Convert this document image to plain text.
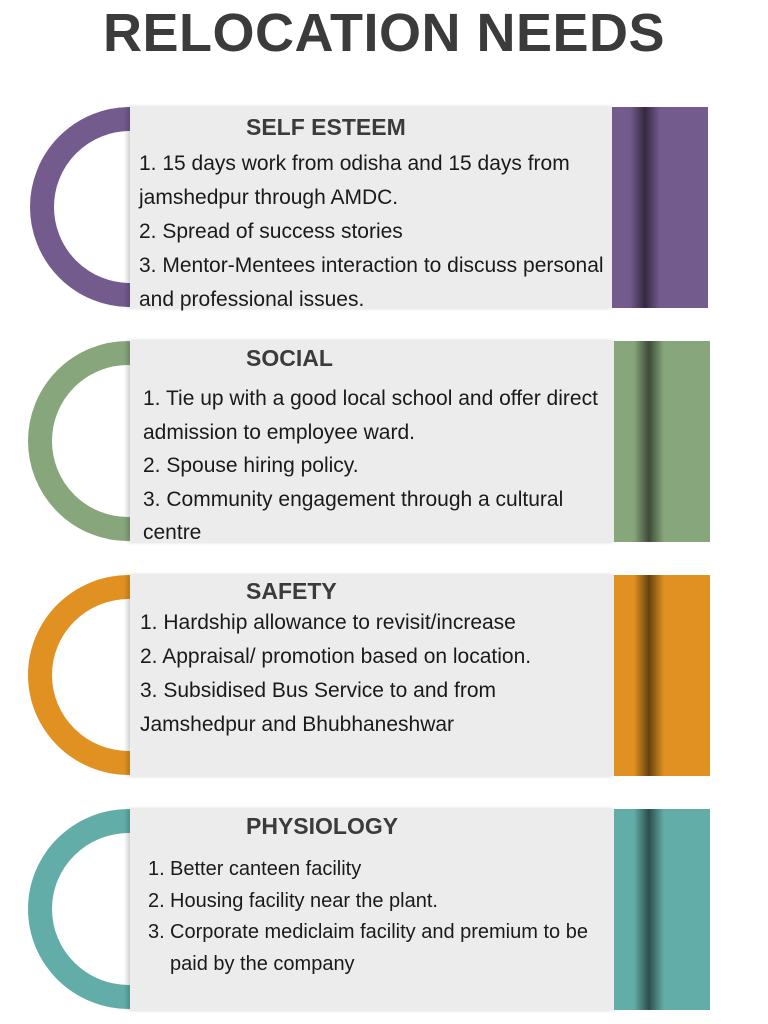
RELOCATION NEEDS
SELF ESTEEM
1. 15 days work from odisha and 15 days from jamshedpur through AMDC.
2. Spread of success stories
3. Mentor-Mentees interaction to discuss personal and professional issues.
SOCIAL
1. Tie up with a good local school and offer direct admission to employee ward.
2. Spouse hiring policy.
3. Community engagement through a cultural centre
SAFETY
1. Hardship allowance to revisit/increase
2. Appraisal/ promotion based on location.
3. Subsidised Bus Service to and from Jamshedpur and Bhubhaneshwar
PHYSIOLOGY
1. Better canteen facility
2. Housing facility near the plant.
3. Corporate mediclaim facility and premium to be paid by the company
